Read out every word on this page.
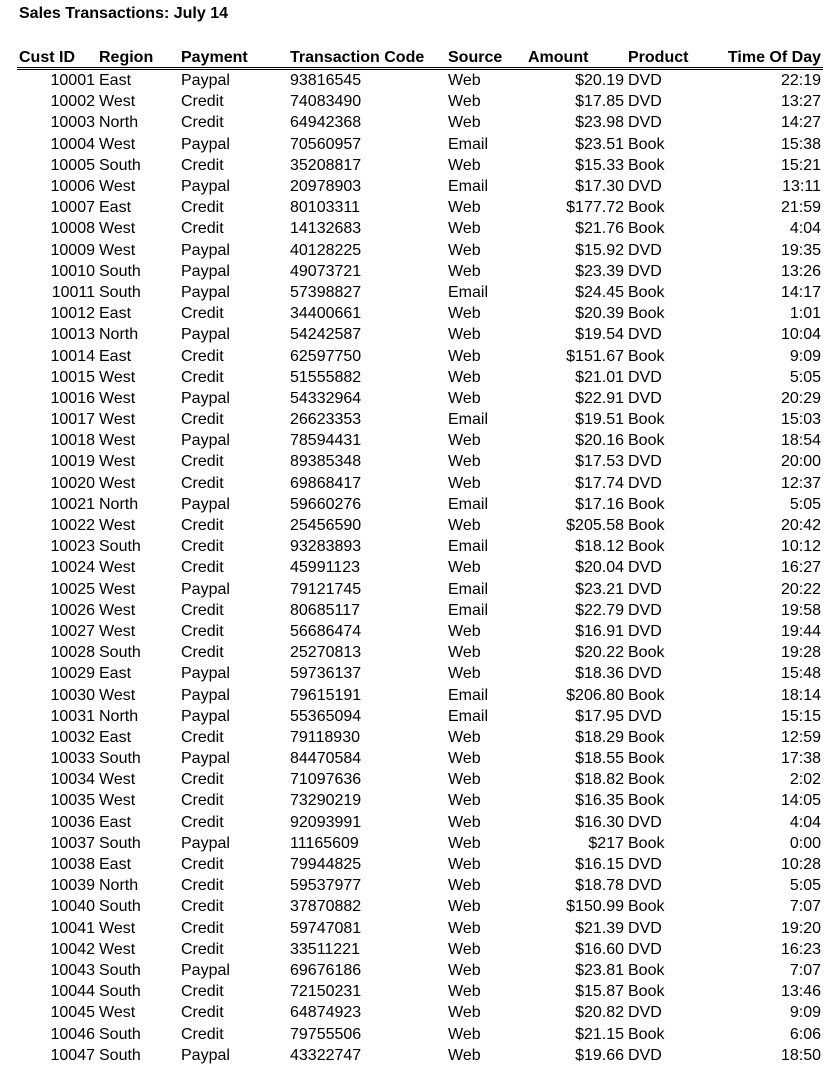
Sales Transactions: July 14
Cust ID	Region	Payment	Transaction Code	Source	Amount	Product	Time Of Day
10001	East	Paypal	93816545	Web	$20.19	DVD	22:19
10002	West	Credit	74083490	Web	$17.85	DVD	13:27
10003	North	Credit	64942368	Web	$23.98	DVD	14:27
10004	West	Paypal	70560957	Email	$23.51	Book	15:38
10005	South	Credit	35208817	Web	$15.33	Book	15:21
10006	West	Paypal	20978903	Email	$17.30	DVD	13:11
10007	East	Credit	80103311	Web	$177.72	Book	21:59
10008	West	Credit	14132683	Web	$21.76	Book	4:04
10009	West	Paypal	40128225	Web	$15.92	DVD	19:35
10010	South	Paypal	49073721	Web	$23.39	DVD	13:26
10011	South	Paypal	57398827	Email	$24.45	Book	14:17
10012	East	Credit	34400661	Web	$20.39	Book	1:01
10013	North	Paypal	54242587	Web	$19.54	DVD	10:04
10014	East	Credit	62597750	Web	$151.67	Book	9:09
10015	West	Credit	51555882	Web	$21.01	DVD	5:05
10016	West	Paypal	54332964	Web	$22.91	DVD	20:29
10017	West	Credit	26623353	Email	$19.51	Book	15:03
10018	West	Paypal	78594431	Web	$20.16	Book	18:54
10019	West	Credit	89385348	Web	$17.53	DVD	20:00
10020	West	Credit	69868417	Web	$17.74	DVD	12:37
10021	North	Paypal	59660276	Email	$17.16	Book	5:05
10022	West	Credit	25456590	Web	$205.58	Book	20:42
10023	South	Credit	93283893	Email	$18.12	Book	10:12
10024	West	Credit	45991123	Web	$20.04	DVD	16:27
10025	West	Paypal	79121745	Email	$23.21	DVD	20:22
10026	West	Credit	80685117	Email	$22.79	DVD	19:58
10027	West	Credit	56686474	Web	$16.91	DVD	19:44
10028	South	Credit	25270813	Web	$20.22	Book	19:28
10029	East	Paypal	59736137	Web	$18.36	DVD	15:48
10030	West	Paypal	79615191	Email	$206.80	Book	18:14
10031	North	Paypal	55365094	Email	$17.95	DVD	15:15
10032	East	Credit	79118930	Web	$18.29	Book	12:59
10033	South	Paypal	84470584	Web	$18.55	Book	17:38
10034	West	Credit	71097636	Web	$18.82	Book	2:02
10035	West	Credit	73290219	Web	$16.35	Book	14:05
10036	East	Credit	92093991	Web	$16.30	DVD	4:04
10037	South	Paypal	11165609	Web	$217	Book	0:00
10038	East	Credit	79944825	Web	$16.15	DVD	10:28
10039	North	Credit	59537977	Web	$18.78	DVD	5:05
10040	South	Credit	37870882	Web	$150.99	Book	7:07
10041	West	Credit	59747081	Web	$21.39	DVD	19:20
10042	West	Credit	33511221	Web	$16.60	DVD	16:23
10043	South	Paypal	69676186	Web	$23.81	Book	7:07
10044	South	Credit	72150231	Web	$15.87	Book	13:46
10045	West	Credit	64874923	Web	$20.82	DVD	9:09
10046	South	Credit	79755506	Web	$21.15	Book	6:06
10047	South	Paypal	43322747	Web	$19.66	DVD	18:50
